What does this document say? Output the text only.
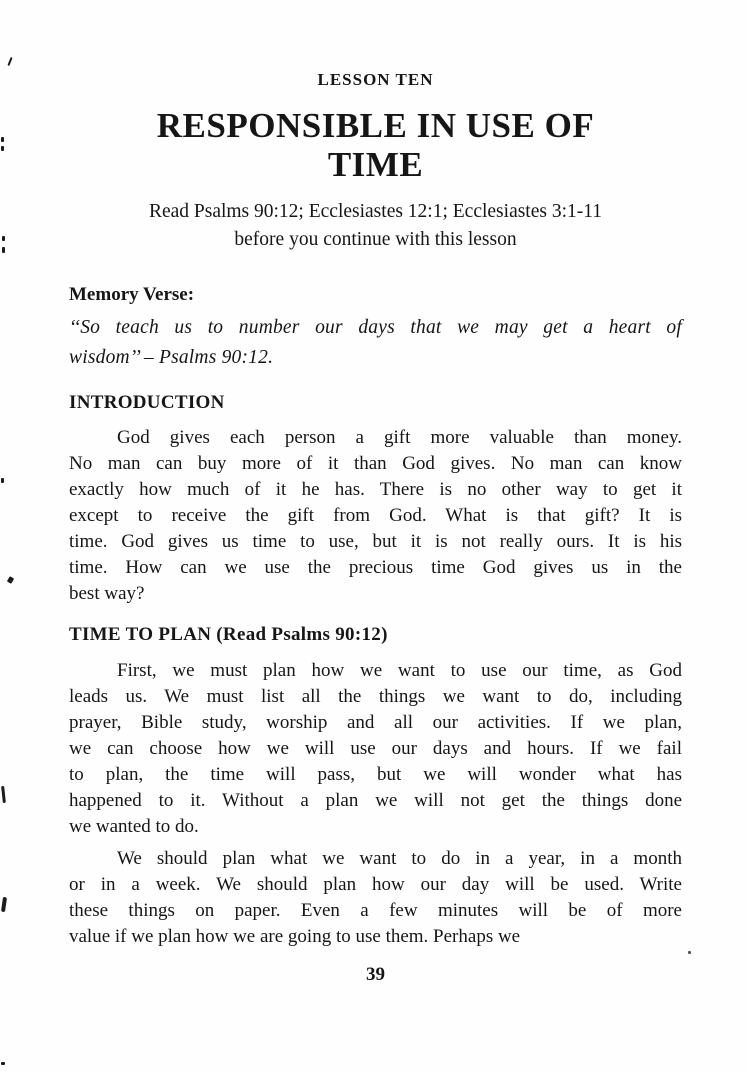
LESSON TEN
RESPONSIBLE IN USE OF
TIME
Read Psalms 90:12; Ecclesiastes 12:1; Ecclesiastes 3:1-11
before you continue with this lesson
Memory Verse:
‘‘So teach us to number our days that we may get a heart of
wisdom’’ – Psalms 90:12.
INTRODUCTION
God gives each person a gift more valuable than money.
No man can buy more of it than God gives. No man can know
exactly how much of it he has. There is no other way to get it
except to receive the gift from God. What is that gift? It is
time. God gives us time to use, but it is not really ours. It is his
time. How can we use the precious time God gives us in the
best way?
TIME TO PLAN (Read Psalms 90:12)
First, we must plan how we want to use our time, as God
leads us. We must list all the things we want to do, including
prayer, Bible study, worship and all our activities. If we plan,
we can choose how we will use our days and hours. If we fail
to plan, the time will pass, but we will wonder what has
happened to it. Without a plan we will not get the things done
we wanted to do.
We should plan what we want to do in a year, in a month
or in a week. We should plan how our day will be used. Write
these things on paper. Even a few minutes will be of more
value if we plan how we are going to use them. Perhaps we
39
